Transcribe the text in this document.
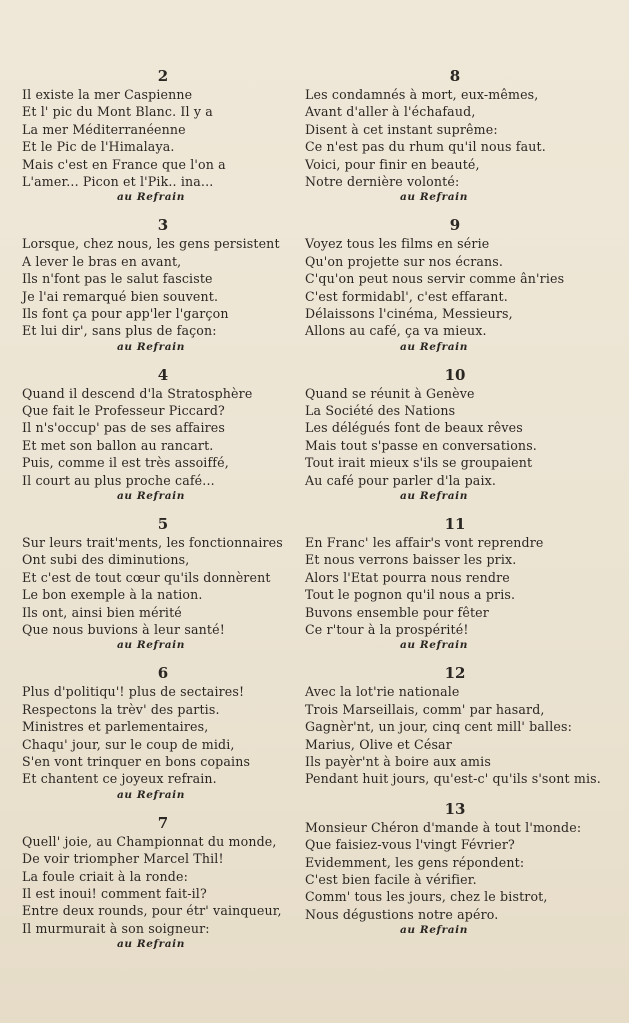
2
Il existe la mer Caspienne
Et l' pic du Mont Blanc. Il y a
La mer Méditerranéenne
Et le Pic de l'Himalaya.
Mais c'est en France que l'on a
L'amer... Picon et l'Pik.. ina...
au Refrain
3
Lorsque, chez nous, les gens persistent
A lever le bras en avant,
Ils n'font pas le salut fasciste
Je l'ai remarqué bien souvent.
Ils font ça pour app'ler l'garçon
Et lui dir', sans plus de façon:
au Refrain
4
Quand il descend d'la Stratosphère
Que fait le Professeur Piccard?
Il n's'occup' pas de ses affaires
Et met son ballon au rancart.
Puis, comme il est très assoiffé,
Il court au plus proche café...
au Refrain
5
Sur leurs trait'ments, les fonctionnaires
Ont subi des diminutions,
Et c'est de tout cœur qu'ils donnèrent
Le bon exemple à la nation.
Ils ont, ainsi bien mérité
Que nous buvions à leur santé!
au Refrain
6
Plus d'politiqu'! plus de sectaires!
Respectons la trèv' des partis.
Ministres et parlementaires,
Chaqu' jour, sur le coup de midi,
S'en vont trinquer en bons copains
Et chantent ce joyeux refrain.
au Refrain
7
Quell' joie, au Championnat du monde,
De voir triompher Marcel Thil!
La foule criait à la ronde:
Il est inoui! comment fait-il?
Entre deux rounds, pour étr' vainqueur,
Il murmurait à son soigneur:
au Refrain
8
Les condamnés à mort, eux-mêmes,
Avant d'aller à l'échafaud,
Disent à cet instant suprême:
Ce n'est pas du rhum qu'il nous faut.
Voici, pour finir en beauté,
Notre dernière volonté:
au Refrain
9
Voyez tous les films en série
Qu'on projette sur nos écrans.
C'qu'on peut nous servir comme ân'ries
C'est formidabl', c'est effarant.
Délaissons l'cinéma, Messieurs,
Allons au café, ça va mieux.
au Refrain
10
Quand se réunit à Genève
La Société des Nations
Les délégués font de beaux rêves
Mais tout s'passe en conversations.
Tout irait mieux s'ils se groupaient
Au café pour parler d'la paix.
au Refrain
11
En Franc' les affair's vont reprendre
Et nous verrons baisser les prix.
Alors l'Etat pourra nous rendre
Tout le pognon qu'il nous a pris.
Buvons ensemble pour fêter
Ce r'tour à la prospérité!
au Refrain
12
Avec la lot'rie nationale
Trois Marseillais, comm' par hasard,
Gagnèr'nt, un jour, cinq cent mill' balles:
Marius, Olive et César
Ils payèr'nt à boire aux amis
Pendant huit jours, qu'est-c' qu'ils s'sont mis.
13
Monsieur Chéron d'mande à tout l'monde:
Que faisiez-vous l'vingt Février?
Evidemment, les gens répondent:
C'est bien facile à vérifier.
Comm' tous les jours, chez le bistrot,
Nous dégustions notre apéro.
au Refrain
